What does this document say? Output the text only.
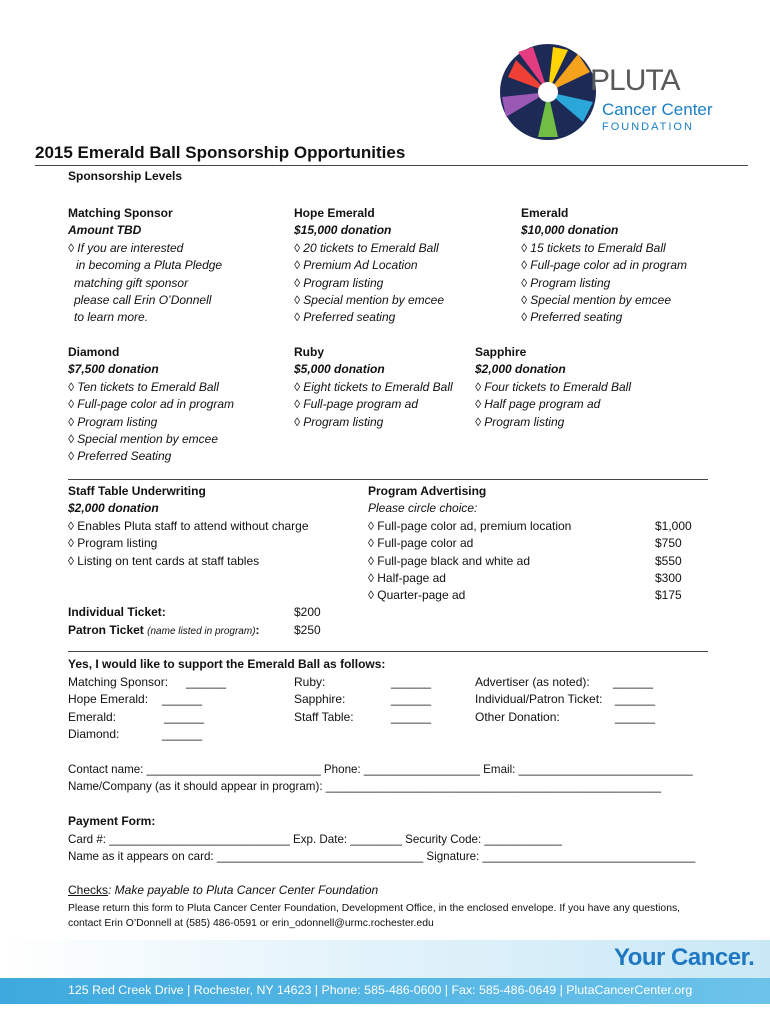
PLUTA
Cancer Center
FOUNDATION
2015 Emerald Ball Sponsorship Opportunities
Sponsorship Levels
Matching Sponsor
Amount TBD
◊ If you are interested
in becoming a Pluta Pledge
matching gift sponsor
please call Erin O’Donnell
to learn more.
Hope Emerald
$15,000 donation
◊ 20 tickets to Emerald Ball
◊ Premium Ad Location
◊ Program listing
◊ Special mention by emcee
◊ Preferred seating
Emerald
$10,000 donation
◊ 15 tickets to Emerald Ball
◊ Full-page color ad in program
◊ Program listing
◊ Special mention by emcee
◊ Preferred seating
Diamond
$7,500 donation
◊ Ten tickets to Emerald Ball
◊ Full-page color ad in program
◊ Program listing
◊ Special mention by emcee
◊ Preferred Seating
Ruby
$5,000 donation
◊ Eight tickets to Emerald Ball
◊ Full-page program ad
◊ Program listing
Sapphire
$2,000 donation
◊ Four tickets to Emerald Ball
◊ Half page program ad
◊ Program listing
Staff Table Underwriting
$2,000 donation
◊ Enables Pluta staff to attend without charge
◊ Program listing
◊ Listing on tent cards at staff tables
Program Advertising
Please circle choice:
◊ Full-page color ad, premium location	$1,000
◊ Full-page color ad	$750
◊ Full-page black and white ad	$550
◊ Half-page ad	$300
◊ Quarter-page ad	$175
Individual Ticket:	$200
Patron Ticket (name listed in program):	$250
Yes, I would like to support the Emerald Ball as follows:
Matching Sponsor: ______
Hope Emerald: ______
Emerald:	______
Diamond:	______
Ruby:	______
Sapphire:	______
Staff Table:	______
Advertiser (as noted): ______
Individual/Patron Ticket: ______
Other Donation:	______
Contact name: ___________________________ Phone: __________________ Email: ___________________________
Name/Company (as it should appear in program): ____________________________________________________
Payment Form:
Card #: ____________________________ Exp. Date: ________ Security Code: ____________
Name as it appears on card: ________________________________ Signature: _________________________________
Checks: Make payable to Pluta Cancer Center Foundation
Please return this form to Pluta Cancer Center Foundation, Development Office, in the enclosed envelope. If you have any questions,
contact Erin O’Donnell at (585) 486-0591 or erin_odonnell@urmc.rochester.edu
Your Cancer.
125 Red Creek Drive | Rochester, NY 14623 | Phone: 585-486-0600 | Fax: 585-486-0649 | PlutaCancerCenter.org
